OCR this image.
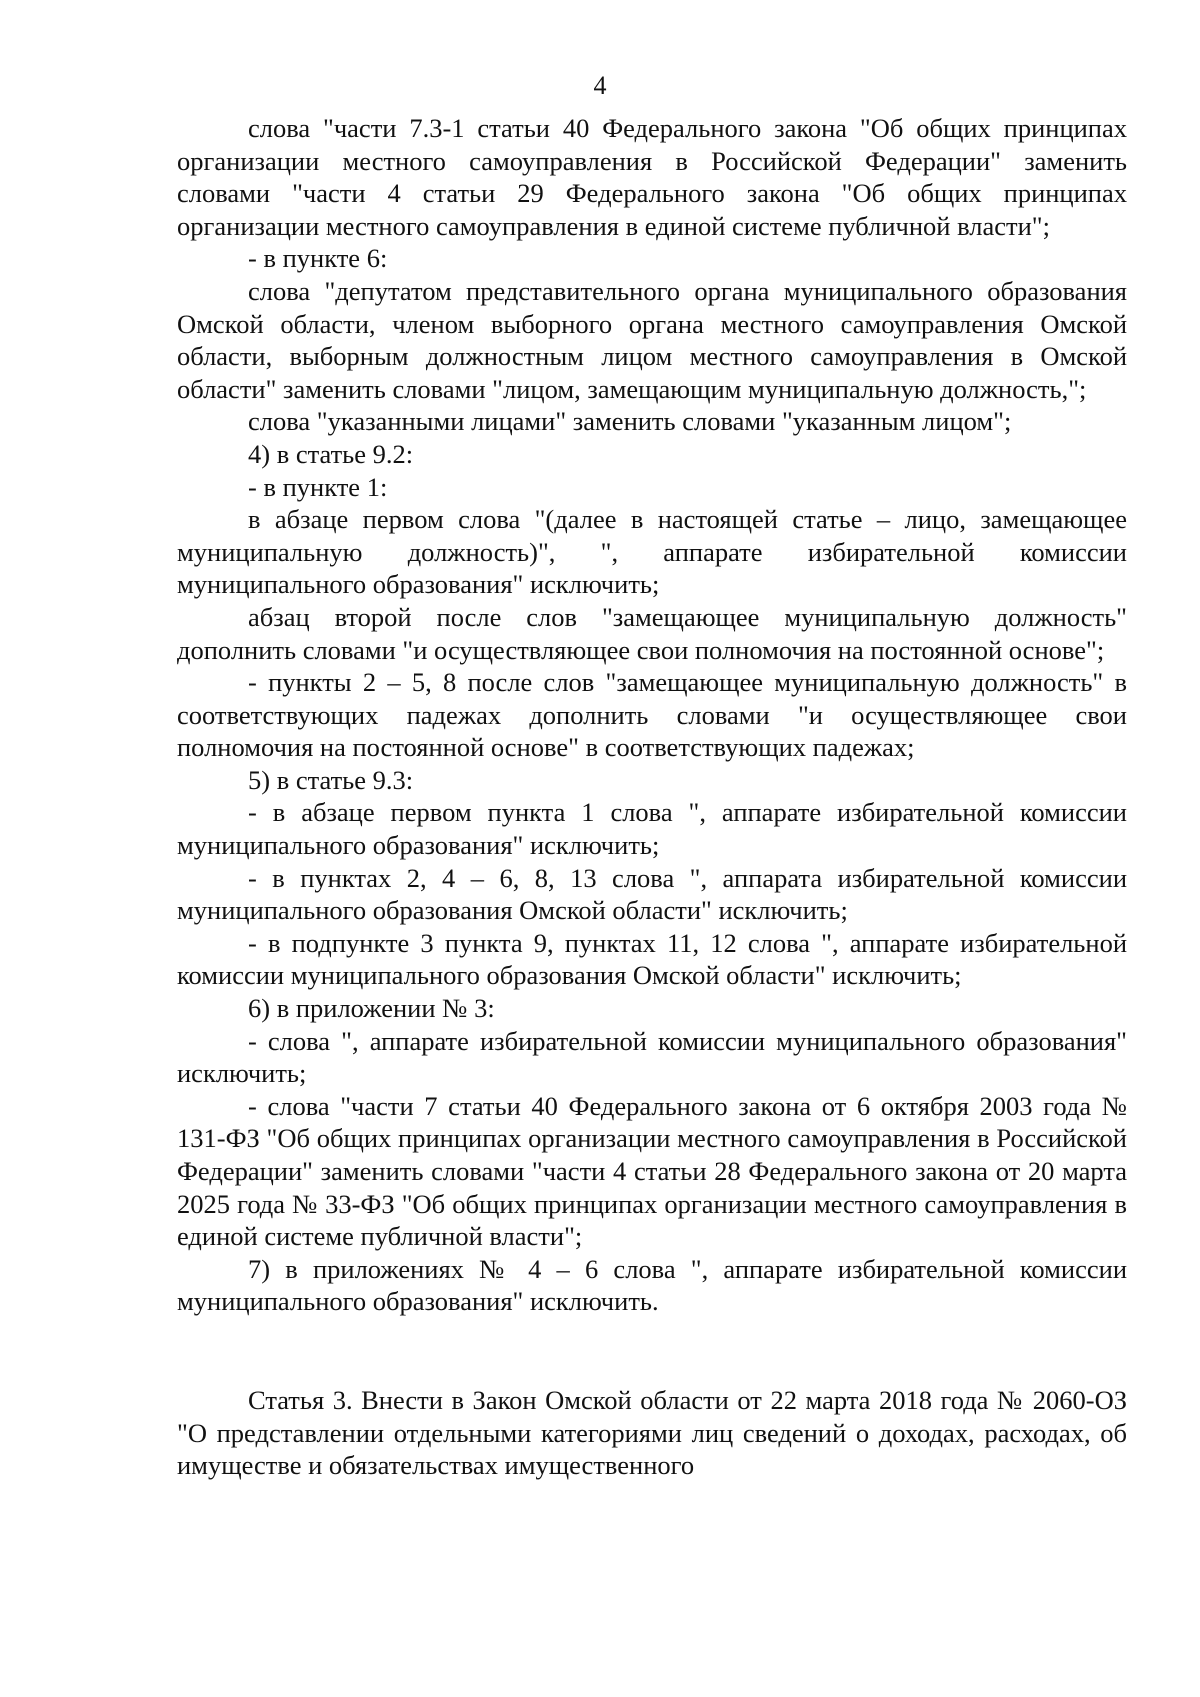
4

слова "части 7.3-1 статьи 40 Федерального закона "Об общих принципах организации местного самоуправления в Российской Федерации" заменить словами "части 4 статьи 29 Федерального закона "Об общих принципах организации местного самоуправления в единой системе публичной власти";

- в пункте 6:

слова "депутатом представительного органа муниципального образования Омской области, членом выборного органа местного самоуправления Омской области, выборным должностным лицом местного самоуправления в Омской области" заменить словами "лицом, замещающим муниципальную должность,";

слова "указанными лицами" заменить словами "указанным лицом";

4) в статье 9.2:

- в пункте 1:

в абзаце первом слова "(далее в настоящей статье – лицо, замещающее муниципальную должность)", ", аппарате избирательной комиссии муниципального образования" исключить;

абзац второй после слов "замещающее муниципальную должность" дополнить словами "и осуществляющее свои полномочия на постоянной основе";

- пункты 2 – 5, 8 после слов "замещающее муниципальную должность" в соответствующих падежах дополнить словами "и осуществляющее свои полномочия на постоянной основе" в соответствующих падежах;

5) в статье 9.3:

- в абзаце первом пункта 1 слова ", аппарате избирательной комиссии муниципального образования" исключить;

- в пунктах 2, 4 – 6, 8, 13 слова ", аппарата избирательной комиссии муниципального образования Омской области" исключить;

- в подпункте 3 пункта 9, пунктах 11, 12 слова ", аппарате избирательной комиссии муниципального образования Омской области" исключить;

6) в приложении № 3:

- слова ", аппарате избирательной комиссии муниципального образования" исключить;

- слова "части 7 статьи 40 Федерального закона от 6 октября 2003 года № 131-ФЗ "Об общих принципах организации местного самоуправления в Российской Федерации" заменить словами "части 4 статьи 28 Федерального закона от 20 марта 2025 года № 33-ФЗ "Об общих принципах организации местного самоуправления в единой системе публичной власти";

7) в приложениях № 4 – 6 слова ", аппарате избирательной комиссии муниципального образования" исключить.

Статья 3. Внести в Закон Омской области от 22 марта 2018 года № 2060-ОЗ "О представлении отдельными категориями лиц сведений о доходах, расходах, об имуществе и обязательствах имущественного
